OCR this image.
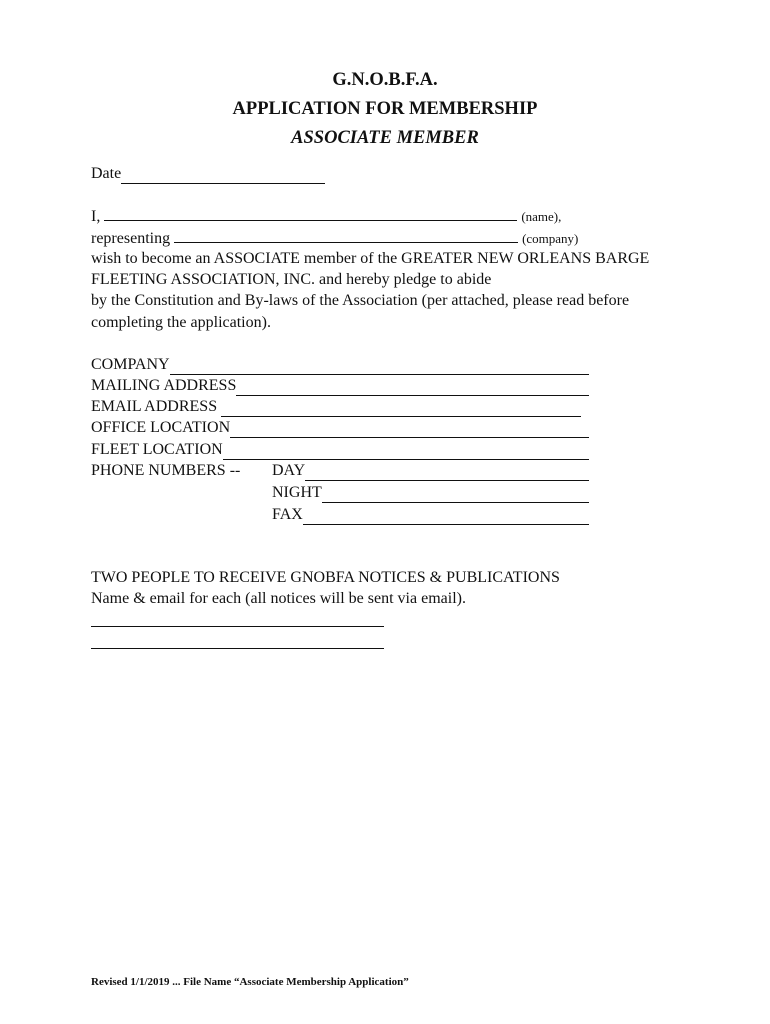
G.N.O.B.F.A.
APPLICATION FOR MEMBERSHIP
ASSOCIATE MEMBER
Date
I,	(name),
representing	(company)
wish to become an ASSOCIATE member of the GREATER NEW ORLEANS BARGE
FLEETING ASSOCIATION, INC. and hereby pledge to abide
by the Constitution and By-laws of the Association (per attached, please read before
completing the application).
COMPANY
MAILING ADDRESS
EMAIL ADDRESS
OFFICE LOCATION
FLEET LOCATION
PHONE NUMBERS -- DAY
NIGHT
FAX
TWO PEOPLE TO RECEIVE GNOBFA NOTICES & PUBLICATIONS
Name & email for each (all notices will be sent via email).
Revised 1/1/2019 ... File Name “Associate Membership Application”
